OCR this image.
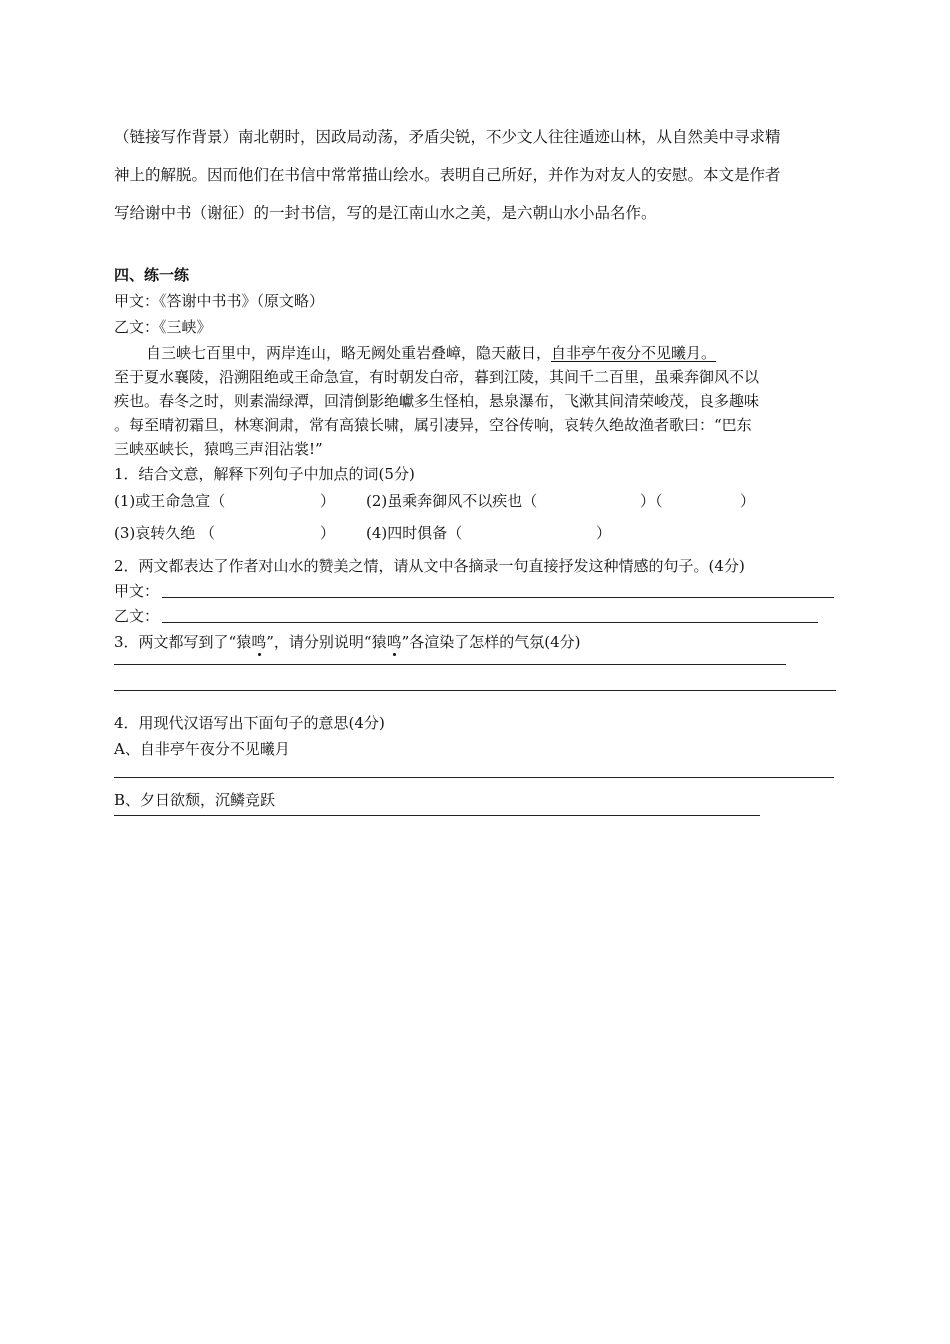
（链接写作背景）南北朝时，因政局动荡，矛盾尖锐，不少文人往往遁迹山林，从自然美中寻求精
神上的解脱。因而他们在书信中常常描山绘水。表明自己所好，并作为对友人的安慰。本文是作者
写给谢中书（谢征）的一封书信，写的是江南山水之美，是六朝山水小品名作。
四、练一练
甲文：《答谢中书书》（原文略）
乙文：《三峡》
自三峡七百里中，两岸连山，略无阙处重岩叠嶂，隐天蔽日，自非亭午夜分不见曦月。
至于夏水襄陵，沿溯阻绝或王命急宣，有时朝发白帝，暮到江陵，其间千二百里，虽乘奔御风不以
疾也。春冬之时，则素湍绿潭，回清倒影绝巘多生怪柏，悬泉瀑布，飞漱其间清荣峻茂，良多趣味
。每至晴初霜旦，林寒涧肃，常有高猿长啸，属引凄异，空谷传响，哀转久绝故渔者歌曰：“巴东
三峡巫峡长，猿鸣三声泪沾裳!”
1．结合文意，解释下列句子中加点的词(5分)
(1)或王命急宣（	） (2)虽乘奔御风不以疾也（	）（	）
(3)哀转久绝 （	） (4)四时俱备（	）
2．两文都表达了作者对山水的赞美之情，请从文中各摘录一句直接抒发这种情感的句子。(4分)
甲文：
乙文：
3．两文都写到了“猿鸣”，请分别说明“猿鸣”各渲染了怎样的气氛(4分)
4．用现代汉语写出下面句子的意思(4分)
A、自非亭午夜分不见曦月
B、夕日欲颓，沉鳞竞跃
